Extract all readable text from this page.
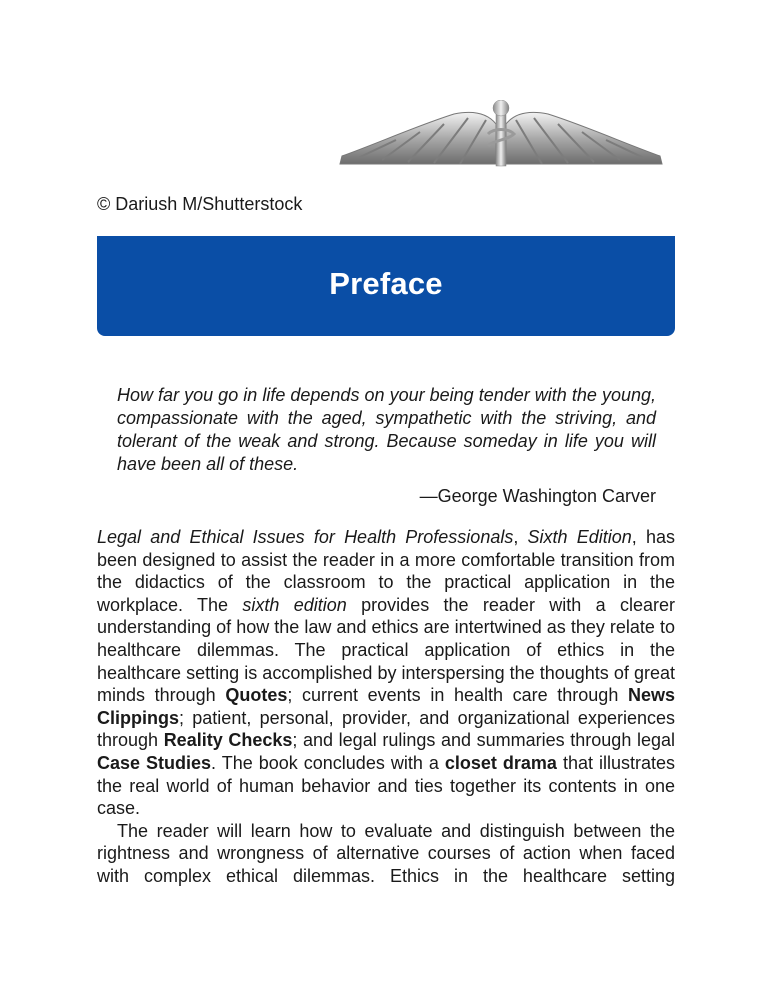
© Dariush M/Shutterstock
Preface
How far you go in life depends on your being tender with the young, compassionate with the aged, sympathetic with the striving, and tolerant of the weak and strong. Because someday in life you will have been all of these.
—George Washington Carver

Legal and Ethical Issues for Health Professionals, Sixth Edition, has been designed to assist the reader in a more comfortable transition from the didactics of the classroom to the practical application in the workplace. The sixth edition provides the reader with a clearer understanding of how the law and ethics are intertwined as they relate to healthcare dilemmas. The practical application of ethics in the healthcare setting is accomplished by interspersing the thoughts of great minds through Quotes; current events in health care through News Clippings; patient, personal, provider, and organizational experiences through Reality Checks; and legal rulings and summaries through legal Case Studies. The book concludes with a closet drama that illustrates the real world of human behavior and ties together its contents in one case.

The reader will learn how to evaluate and distinguish between the rightness and wrongness of alternative courses of action when faced with complex ethical dilemmas. Ethics in the healthcare setting
